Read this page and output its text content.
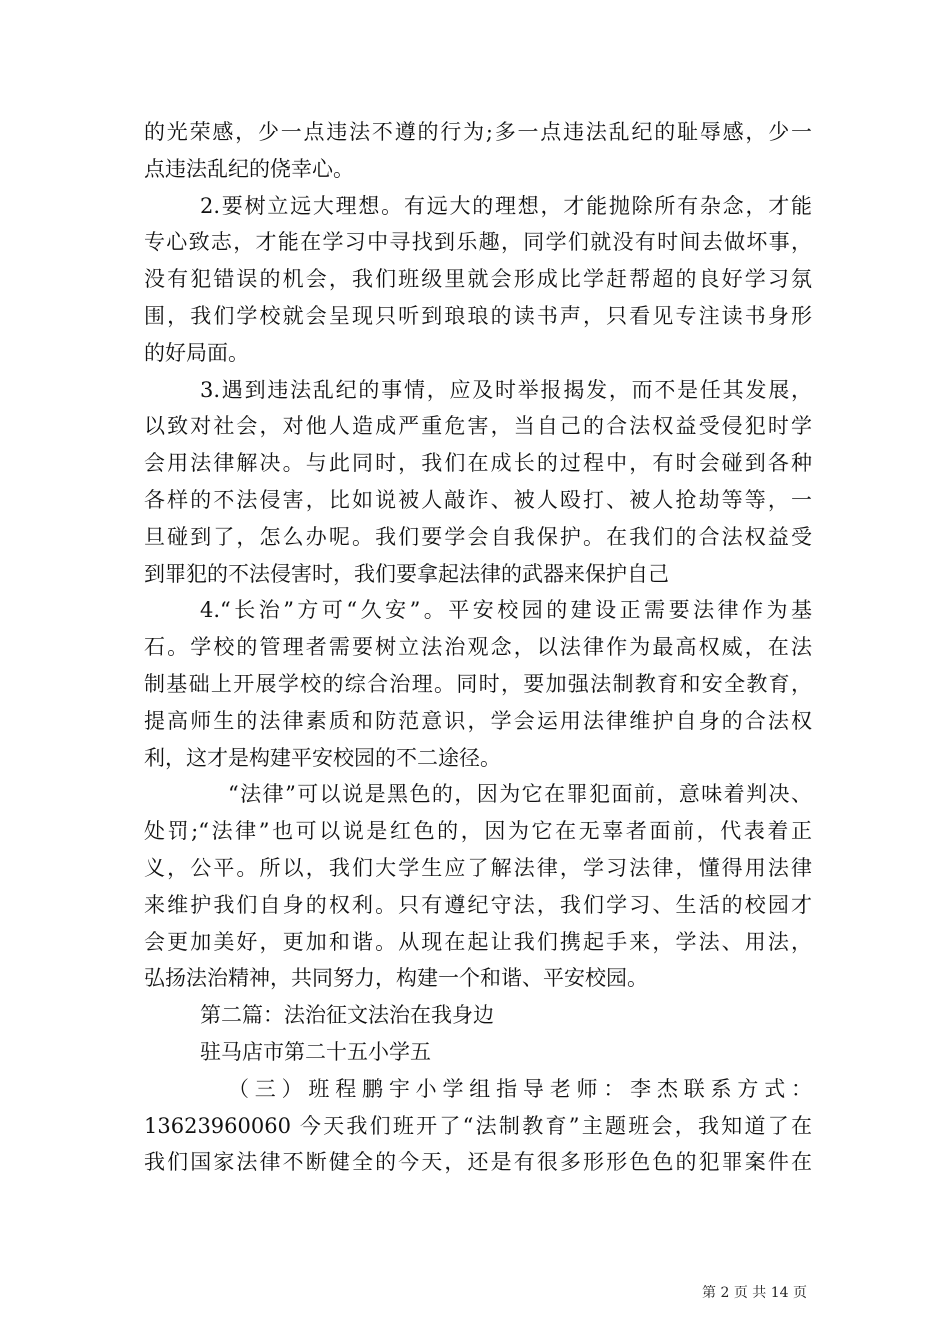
的光荣感，少一点违法不遵的行为;多一点违法乱纪的耻辱感，少一
点违法乱纪的侥幸心。
2.要树立远大理想。有远大的理想，才能抛除所有杂念，才能
专心致志，才能在学习中寻找到乐趣，同学们就没有时间去做坏事，
没有犯错误的机会，我们班级里就会形成比学赶帮超的良好学习氛
围，我们学校就会呈现只听到琅琅的读书声，只看见专注读书身形
的好局面。
3.遇到违法乱纪的事情，应及时举报揭发，而不是任其发展，
以致对社会，对他人造成严重危害，当自己的合法权益受侵犯时学
会用法律解决。与此同时，我们在成长的过程中，有时会碰到各种
各样的不法侵害，比如说被人敲诈、被人殴打、被人抢劫等等，一
旦碰到了，怎么办呢。我们要学会自我保护。在我们的合法权益受
到罪犯的不法侵害时，我们要拿起法律的武器来保护自己
4.“长治”方可“久安”。平安校园的建设正需要法律作为基
石。学校的管理者需要树立法治观念，以法律作为最高权威，在法
制基础上开展学校的综合治理。同时，要加强法制教育和安全教育，
提高师生的法律素质和防范意识，学会运用法律维护自身的合法权
利，这才是构建平安校园的不二途径。
“法律”可以说是黑色的，因为它在罪犯面前，意味着判决、
处罚;“法律”也可以说是红色的，因为它在无辜者面前，代表着正
义，公平。所以，我们大学生应了解法律，学习法律，懂得用法律
来维护我们自身的权利。只有遵纪守法，我们学习、生活的校园才
会更加美好，更加和谐。从现在起让我们携起手来，学法、用法，
弘扬法治精神，共同努力，构建一个和谐、平安校园。
第二篇：法治征文法治在我身边
驻马店市第二十五小学五
（三）班程鹏宇小学组指导老师：李杰联系方式：
13623960060 今天我们班开了“法制教育”主题班会，我知道了在
我们国家法律不断健全的今天，还是有很多形形色色的犯罪案件在
第 2 页 共 14 页
